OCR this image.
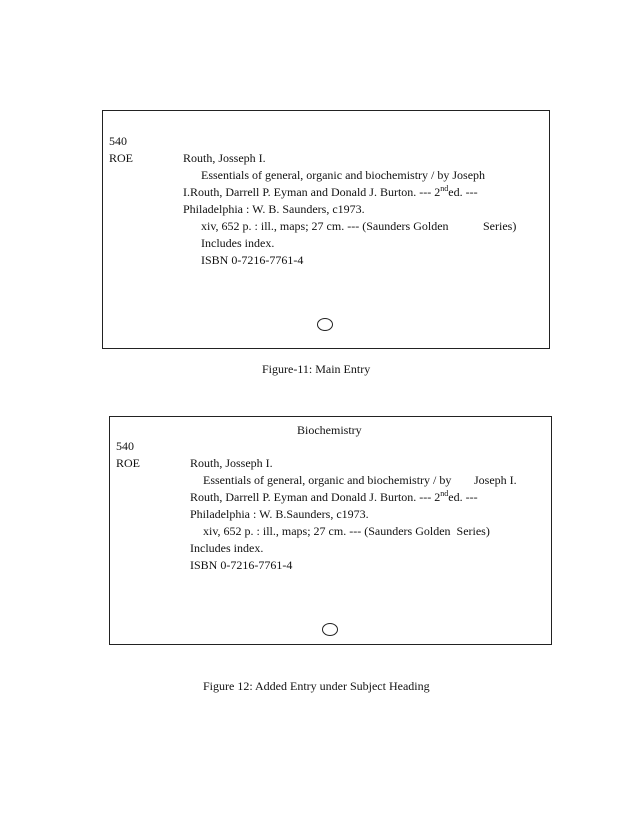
540
ROE	Routh, Josseph I.
Essentials of general, organic and biochemistry / by Joseph
I.Routh, Darrell P. Eyman and Donald J. Burton. --- 2nded. ---
Philadelphia : W. B. Saunders, c1973.
xiv, 652 p. : ill., maps; 27 cm. --- (Saunders Golden	Series)
Includes index.
ISBN 0-7216-7761-4
Figure-11: Main Entry
Biochemistry
540
ROE	Routh, Josseph I.
Essentials of general, organic and biochemistry / by Joseph I.
Routh, Darrell P. Eyman and Donald J. Burton. --- 2nded. ---
Philadelphia : W. B.Saunders, c1973.
xiv, 652 p. : ill., maps; 27 cm. --- (Saunders Golden  Series)
Includes index.
ISBN 0-7216-7761-4
Figure 12: Added Entry under Subject Heading
